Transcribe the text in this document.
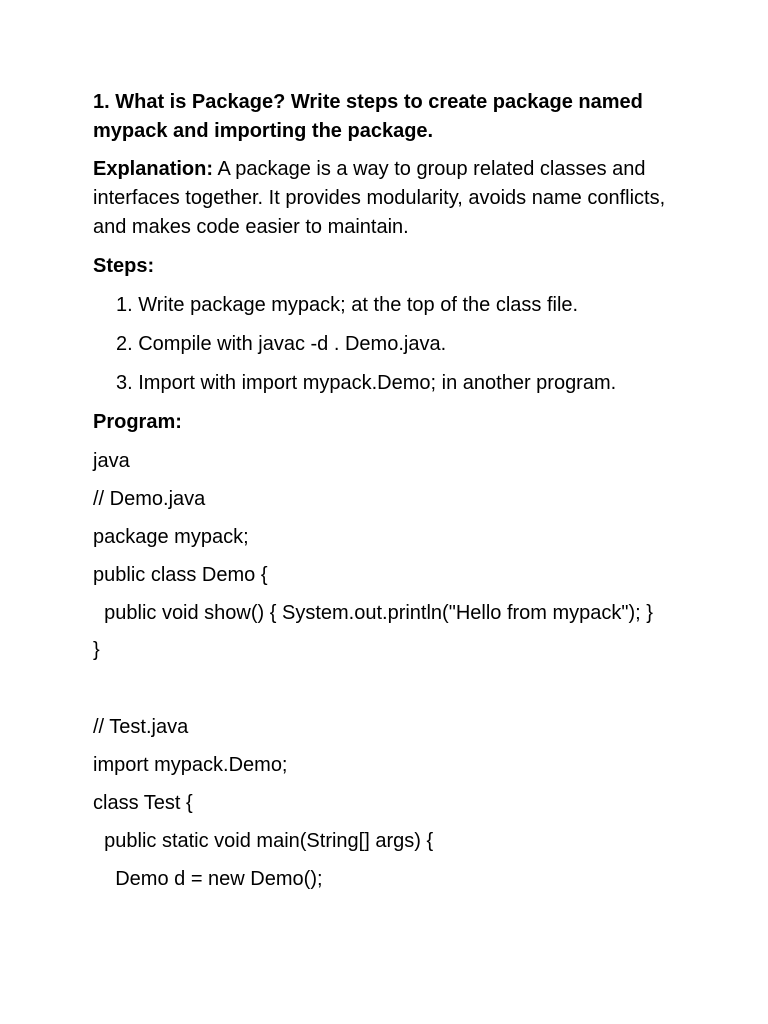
1. What is Package? Write steps to create package named mypack and importing the package.
Explanation: A package is a way to group related classes and interfaces together. It provides modularity, avoids name conflicts, and makes code easier to maintain.
Steps:
1. Write package mypack; at the top of the class file.
2. Compile with javac -d . Demo.java.
3. Import with import mypack.Demo; in another program.
Program:
java
// Demo.java
package mypack;
public class Demo {
public void show() { System.out.println("Hello from mypack"); }
}
// Test.java
import mypack.Demo;
class Test {
public static void main(String[] args) {
Demo d = new Demo();
